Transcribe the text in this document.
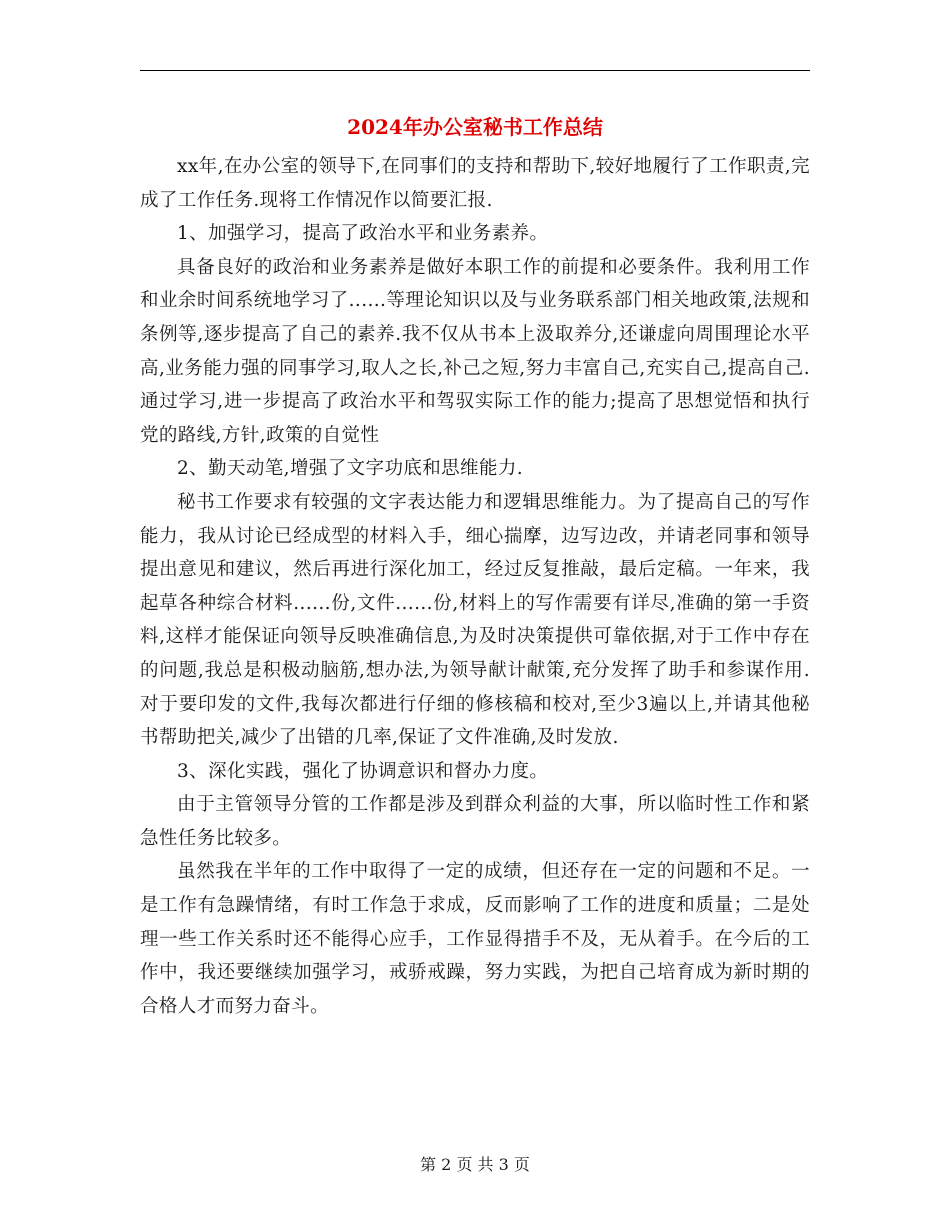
2024年办公室秘书工作总结

xx年,在办公室的领导下,在同事们的支持和帮助下,较好地履行了工作职责,完成了工作任务.现将工作情况作以简要汇报.

1、加强学习，提高了政治水平和业务素养。

具备良好的政治和业务素养是做好本职工作的前提和必要条件。我利用工作和业余时间系统地学习了......等理论知识以及与业务联系部门相关地政策,法规和条例等,逐步提高了自己的素养.我不仅从书本上汲取养分,还谦虚向周围理论水平高,业务能力强的同事学习,取人之长,补己之短,努力丰富自己,充实自己,提高自己.通过学习,进一步提高了政治水平和驾驭实际工作的能力;提高了思想觉悟和执行党的路线,方针,政策的自觉性

2、勤天动笔,增强了文字功底和思维能力.

秘书工作要求有较强的文字表达能力和逻辑思维能力。为了提高自己的写作能力，我从讨论已经成型的材料入手，细心揣摩，边写边改，并请老同事和领导提出意见和建议，然后再进行深化加工，经过反复推敲，最后定稿。一年来，我起草各种综合材料......份,文件......份,材料上的写作需要有详尽,准确的第一手资料,这样才能保证向领导反映准确信息,为及时决策提供可靠依据,对于工作中存在的问题,我总是积极动脑筋,想办法,为领导献计献策,充分发挥了助手和参谋作用.对于要印发的文件,我每次都进行仔细的修核稿和校对,至少3遍以上,并请其他秘书帮助把关,减少了出错的几率,保证了文件准确,及时发放.

3、深化实践，强化了协调意识和督办力度。

由于主管领导分管的工作都是涉及到群众利益的大事，所以临时性工作和紧急性任务比较多。

虽然我在半年的工作中取得了一定的成绩，但还存在一定的问题和不足。一是工作有急躁情绪，有时工作急于求成，反而影响了工作的进度和质量；二是处理一些工作关系时还不能得心应手，工作显得措手不及，无从着手。在今后的工作中，我还要继续加强学习，戒骄戒躁，努力实践，为把自己培育成为新时期的合格人才而努力奋斗。

第 2 页 共 3 页
